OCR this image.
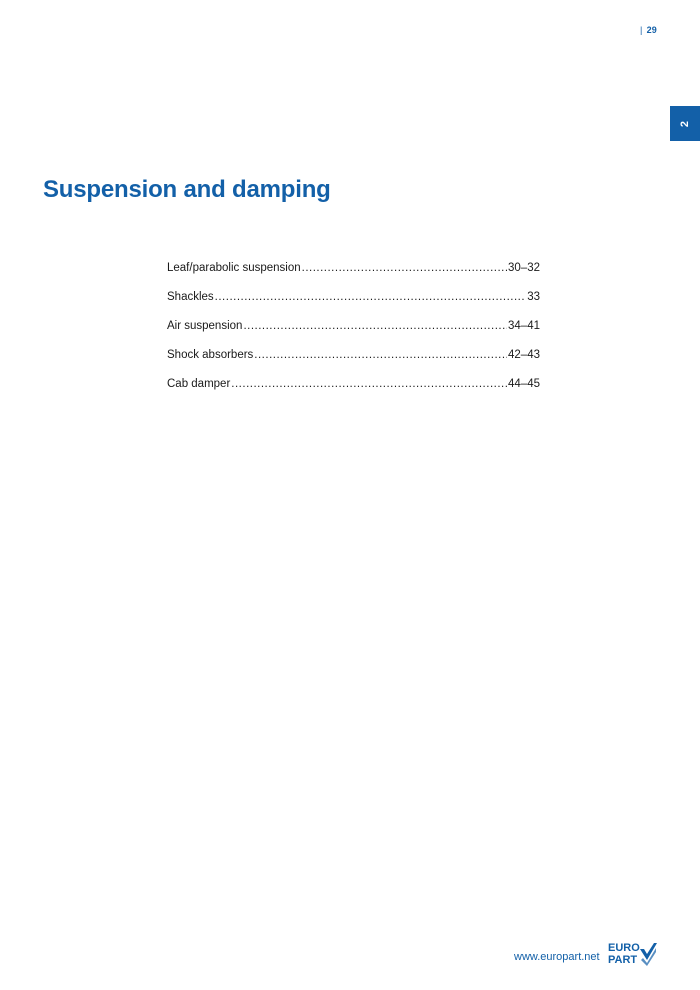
| 29
2
Suspension and damping
Leaf/parabolic suspension .....	30–32
Shackles .....	33
Air suspension .....	34–41
Shock absorbers .....	42–43
Cab damper .....	44–45
www.europart.net
EURO
PART
